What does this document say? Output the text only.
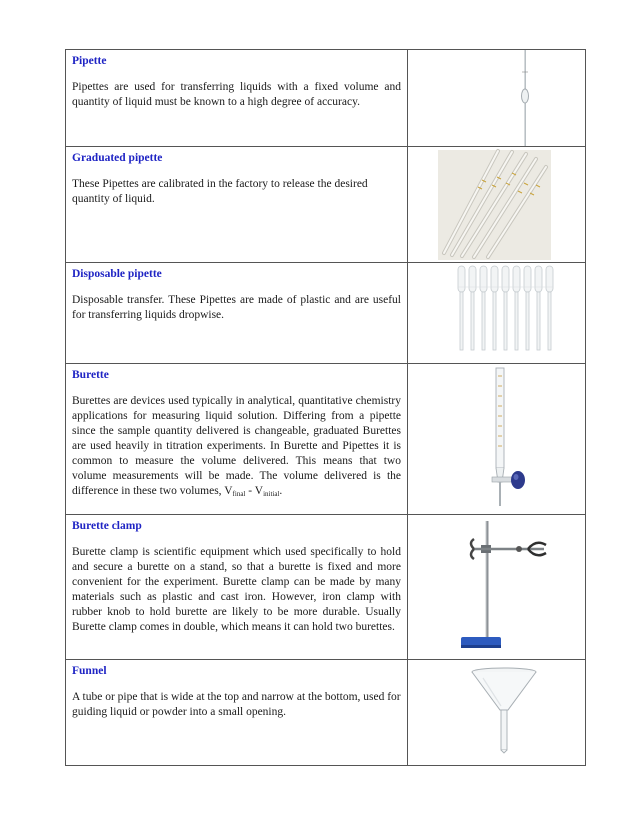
Pipette

Pipettes are used for transferring liquids with a fixed volume and quantity of liquid must be known to a high degree of accuracy.

Graduated pipette

These Pipettes are calibrated in the factory to release the desired quantity of liquid.

Disposable pipette

Disposable transfer. These Pipettes are made of plastic and are useful for transferring liquids dropwise.

Burette

Burettes are devices used typically in analytical, quantitative chemistry applications for measuring liquid solution. Differing from a pipette since the sample quantity delivered is changeable, graduated Burettes are used heavily in titration experiments. In Burette and Pipettes it is common to measure the volume delivered. This means that two volume measurements will be made. The volume delivered is the difference in these two volumes, $V_{final} - V_{initial}$.

Burette clamp

Burette clamp is scientific equipment which used specifically to hold and secure a burette on a stand, so that a burette is fixed and more convenient for the experiment. Burette clamp can be made by many materials such as plastic and cast iron. However, iron clamp with rubber knob to hold burette are likely to be more durable. Usually Burette clamp comes in double, which means it can hold two burettes.

Funnel

A tube or pipe that is wide at the top and narrow at the bottom, used for guiding liquid or powder into a small opening.
